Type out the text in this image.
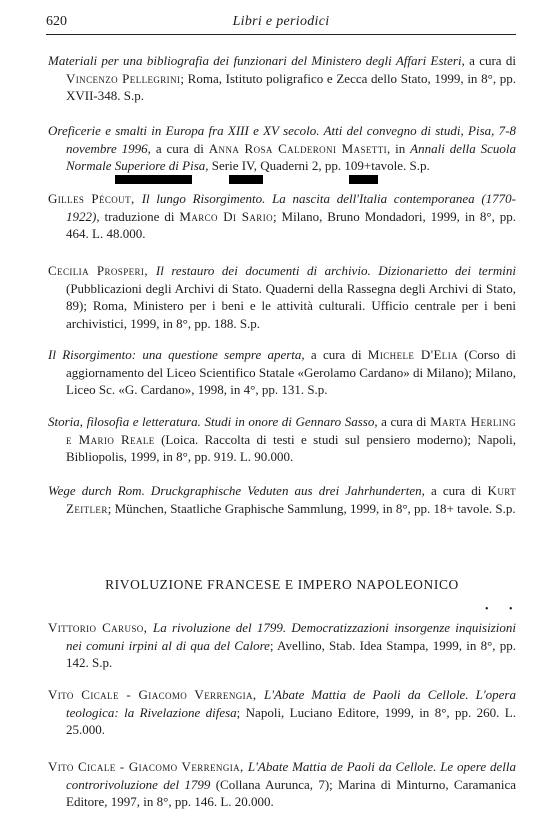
620	Libri e periodici

Materiali per una bibliografia dei funzionari del Ministero degli Affari Esteri, a cura di Vincenzo Pellegrini; Roma, Istituto poligrafico e Zecca dello Stato, 1999, in 8°, pp. XVII-348. S.p.

Oreficerie e smalti in Europa fra XIII e XV secolo. Atti del convegno di studi, Pisa, 7-8 novembre 1996, a cura di Anna Rosa Calderoni Masetti, in Annali della Scuola Normale Superiore di Pisa, Serie IV, Quaderni 2, pp. 109+tavole. S.p.

Gilles Pécout, Il lungo Risorgimento. La nascita dell'Italia contemporanea (1770-1922), traduzione di Marco Di Sario; Milano, Bruno Mondadori, 1999, in 8°, pp. 464. L. 48.000.

Cecilia Prosperi, Il restauro dei documenti di archivio. Dizionarietto dei termini (Pubblicazioni degli Archivi di Stato. Quaderni della Rassegna degli Archivi di Stato, 89); Roma, Ministero per i beni e le attività culturali. Ufficio centrale per i beni archivistici, 1999, in 8°, pp. 188. S.p.

Il Risorgimento: una questione sempre aperta, a cura di Michele D'Elia (Corso di aggiornamento del Liceo Scientifico Statale «Gerolamo Cardano» di Milano); Milano, Liceo Sc. «G. Cardano», 1998, in 4°, pp. 131. S.p.

Storia, filosofia e letteratura. Studi in onore di Gennaro Sasso, a cura di Marta Herling e Mario Reale (Loica. Raccolta di testi e studi sul pensiero moderno); Napoli, Bibliopolis, 1999, in 8°, pp. 919. L. 90.000.

Wege durch Rom. Druckgraphische Veduten aus drei Jahrhunderten, a cura di Kurt Zeitler; München, Staatliche Graphische Sammlung, 1999, in 8°, pp. 18+ tavole. S.p.

RIVOLUZIONE FRANCESE E IMPERO NAPOLEONICO
• •

Vittorio Caruso, La rivoluzione del 1799. Democratizzazioni insorgenze inquisizioni nei comuni irpini al di qua del Calore; Avellino, Stab. Idea Stampa, 1999, in 8°, pp. 142. S.p.

Vito Cicale - Giacomo Verrengia, L'Abate Mattia de Paoli da Cellole. L'opera teologica: la Rivelazione difesa; Napoli, Luciano Editore, 1999, in 8°, pp. 260. L. 25.000.

Vito Cicale - Giacomo Verrengia, L'Abate Mattia de Paoli da Cellole. Le opere della controrivoluzione del 1799 (Collana Aurunca, 7); Marina di Minturno, Caramanica Editore, 1997, in 8°, pp. 146. L. 20.000.
